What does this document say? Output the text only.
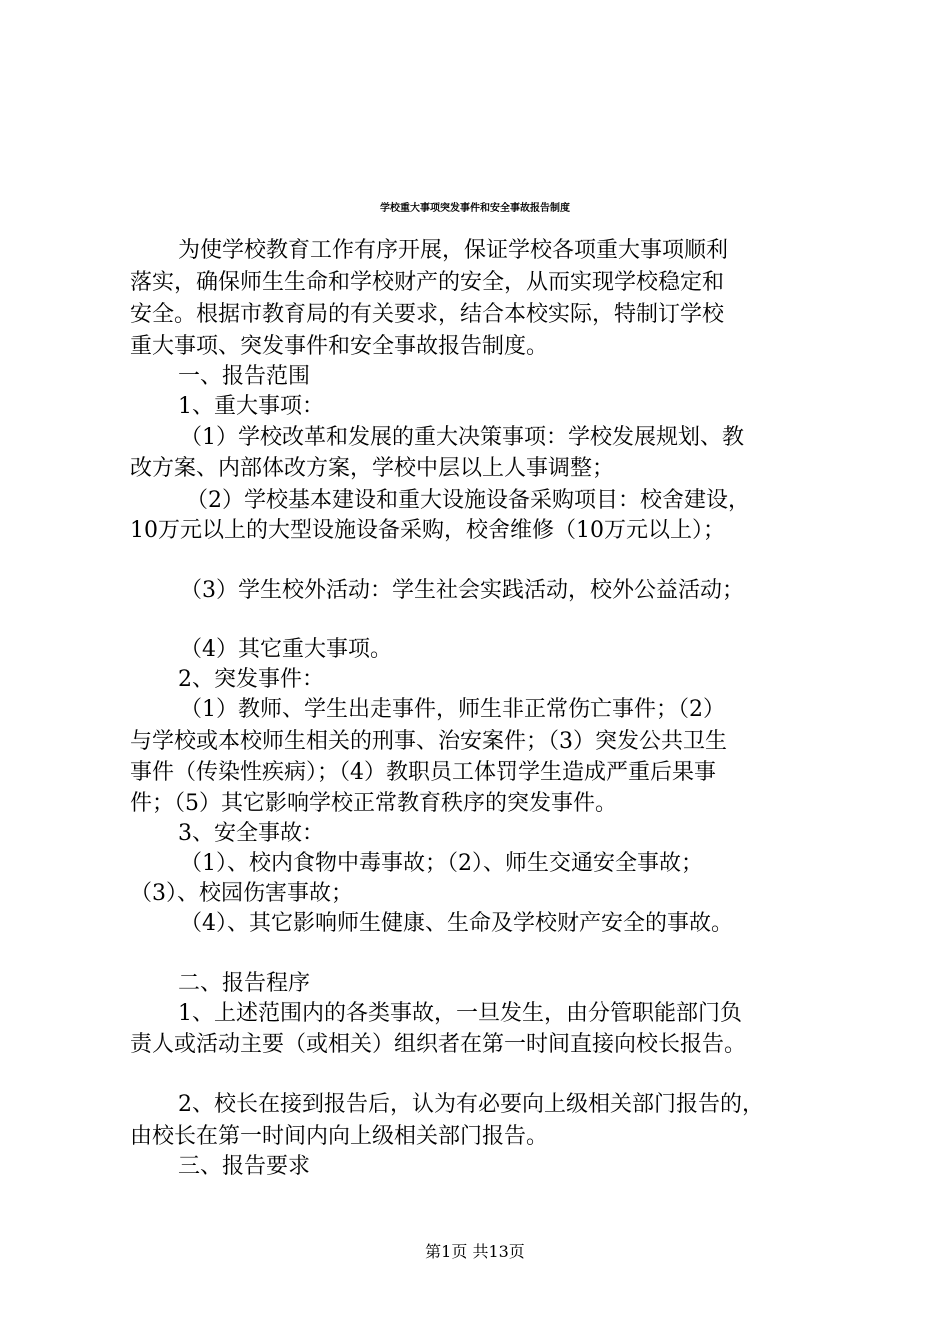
学校重大事项突发事件和安全事故报告制度
为使学校教育工作有序开展，保证学校各项重大事项顺利
落实，确保师生生命和学校财产的安全，从而实现学校稳定和
安全。根据市教育局的有关要求，结合本校实际，特制订学校
重大事项、突发事件和安全事故报告制度。
一、报告范围
1、重大事项：
（1）学校改革和发展的重大决策事项：学校发展规划、教
改方案、内部体改方案，学校中层以上人事调整；
（2）学校基本建设和重大设施设备采购项目：校舍建设，
10万元以上的大型设施设备采购，校舍维修（10万元以上）；
（3）学生校外活动：学生社会实践活动，校外公益活动；
（4）其它重大事项。
2、突发事件：
（1）教师、学生出走事件，师生非正常伤亡事件；（2）
与学校或本校师生相关的刑事、治安案件；（3）突发公共卫生
事件（传染性疾病）；（4）教职员工体罚学生造成严重后果事
件；（5）其它影响学校正常教育秩序的突发事件。
3、安全事故：
（1）、校内食物中毒事故；（2）、师生交通安全事故；
（3）、校园伤害事故；
（4）、其它影响师生健康、生命及学校财产安全的事故。
二、报告程序
1、上述范围内的各类事故，一旦发生，由分管职能部门负
责人或活动主要（或相关）组织者在第一时间直接向校长报告。
2、校长在接到报告后，认为有必要向上级相关部门报告的，
由校长在第一时间内向上级相关部门报告。
三、报告要求
第1页 共13页
